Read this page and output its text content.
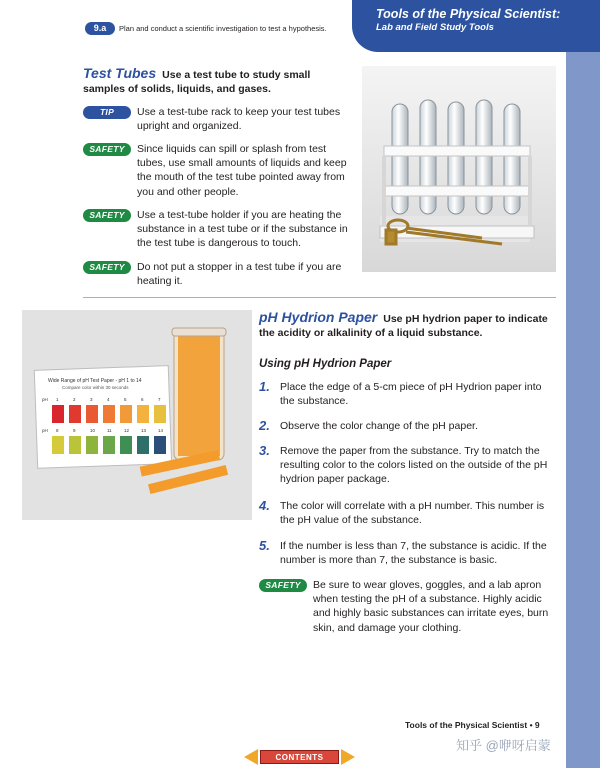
Tools of the Physical Scientist:
Lab and Field Study Tools
9.a	Plan and conduct a scientific investigation to test a hypothesis.
Test Tubes Use a test tube to study small samples of solids, liquids, and gases.
TIP	Use a test-tube rack to keep your test tubes upright and organized.
SAFETY	Since liquids can spill or splash from test tubes, use small amounts of liquids and keep the mouth of the test tube pointed away from you and other people.
SAFETY	Use a test-tube holder if you are heating the substance in a test tube or if the substance in the test tube is dangerous to touch.
SAFETY	Do not put a stopper in a test tube if you are heating it.
Wide Range of pH Test Paper - pH 1 to 14
Compare color within 30 seconds
pH
pH
1	2	3	4	5	6	7
8	9	10	11	12	13	14
pH Hydrion Paper Use pH hydrion paper to indicate the acidity or alkalinity of a liquid substance.
Using pH Hydrion Paper
1. Place the edge of a 5-cm piece of pH Hydrion paper into the substance.
2. Observe the color change of the pH paper.
3. Remove the paper from the substance. Try to match the resulting color to the colors listed on the outside of the pH hydrion paper package.
4. The color will correlate with a pH number. This number is the pH value of the substance.
5. If the number is less than 7, the substance is acidic. If the number is more than 7, the substance is basic.
SAFETY	Be sure to wear gloves, goggles, and a lab apron when testing the pH of a substance. Highly acidic and highly basic substances can irritate eyes, burn skin, and damage your clothing.
Tools of the Physical Scientist • 9
CONTENTS
知乎 @咿呀启蒙
